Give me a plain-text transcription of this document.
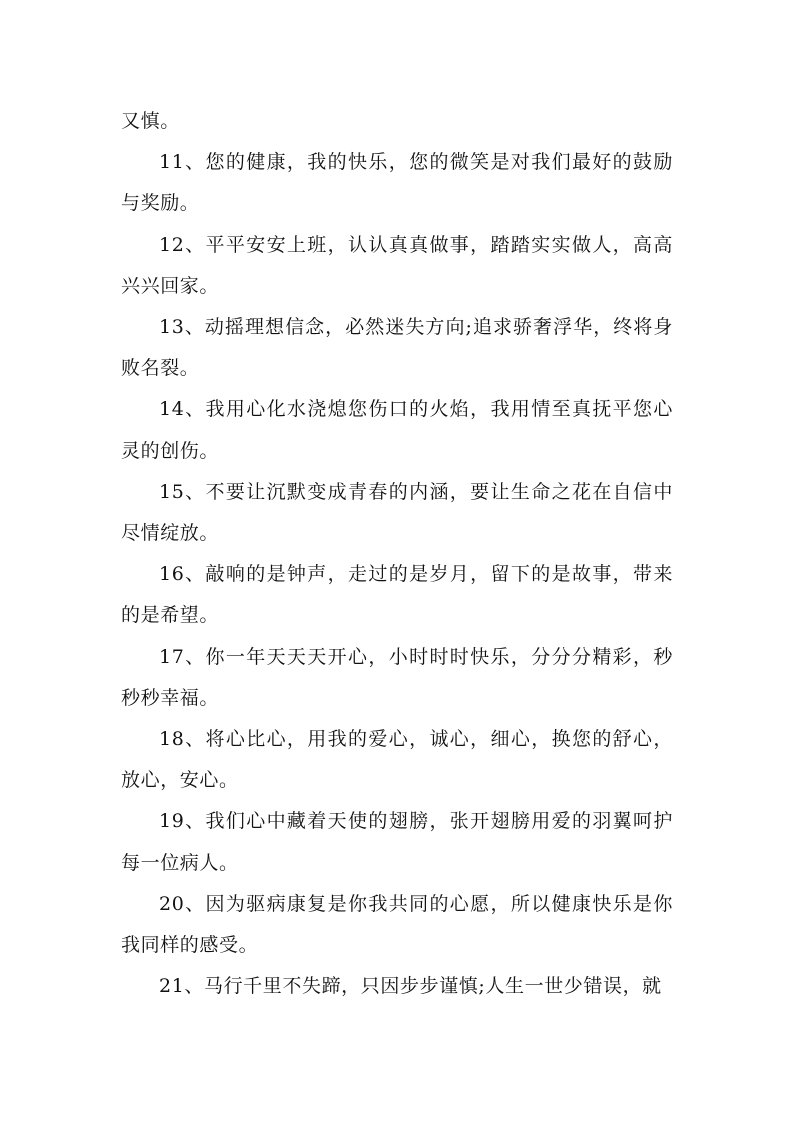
又慎。

11、您的健康，我的快乐，您的微笑是对我们最好的鼓励与奖励。

12、平平安安上班，认认真真做事，踏踏实实做人，高高兴兴回家。

13、动摇理想信念，必然迷失方向;追求骄奢浮华，终将身败名裂。

14、我用心化水浇熄您伤口的火焰，我用情至真抚平您心灵的创伤。

15、不要让沉默变成青春的内涵，要让生命之花在自信中尽情绽放。

16、敲响的是钟声，走过的是岁月，留下的是故事，带来的是希望。

17、你一年天天天开心，小时时时快乐，分分分精彩，秒秒秒幸福。

18、将心比心，用我的爱心，诚心，细心，换您的舒心，放心，安心。

19、我们心中藏着天使的翅膀，张开翅膀用爱的羽翼呵护每一位病人。

20、因为驱病康复是你我共同的心愿，所以健康快乐是你我同样的感受。

21、马行千里不失蹄，只因步步谨慎;人生一世少错误，就
